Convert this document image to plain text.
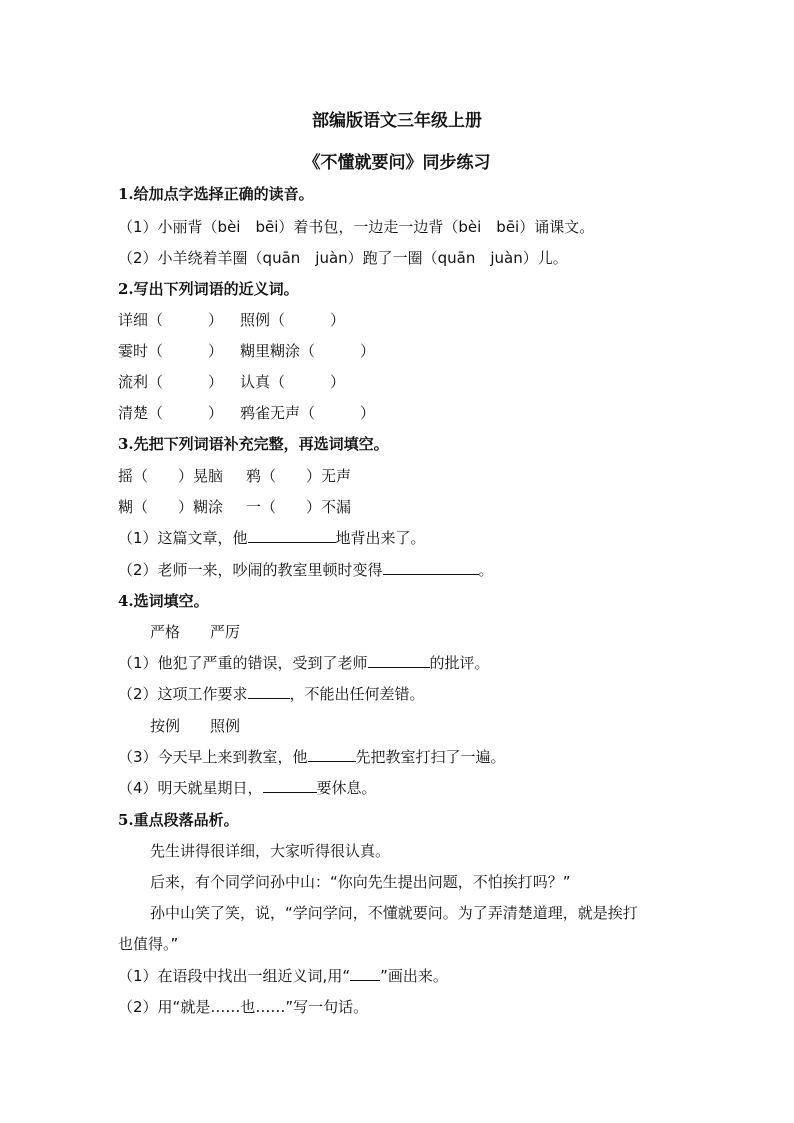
部编版语文三年级上册
《不懂就要问》同步练习
1.给加点字选择正确的读音。
（1）小丽背（bèi　bēi）着书包，一边走一边背（bèi　bēi）诵课文。
（2）小羊绕着羊圈（quān　juàn）跑了一圈（quān　juàn）儿。
2.写出下列词语的近义词。
详细（　　　） 照例（　　　）
霎时（　　　） 糊里糊涂（　　　）
流利（　　　） 认真（　　　）
清楚（　　　） 鸦雀无声（　　　）
3.先把下列词语补充完整，再选词填空。
摇（　　）晃脑 鸦（　　）无声
糊（　　）糊涂 一（　　）不漏
（1）这篇文章，他	地背出来了。
（2）老师一来，吵闹的教室里顿时变得	。
4.选词填空。
严格　　严厉
（1）他犯了严重的错误，受到了老师	的批评。
（2）这项工作要求	，不能出任何差错。
按例　　照例
（3）今天早上来到教室，他	先把教室打扫了一遍。
（4）明天就星期日，	要休息。
5.重点段落品析。
先生讲得很详细，大家听得很认真。
后来，有个同学问孙中山：“你向先生提出问题，不怕挨打吗？”
孙中山笑了笑，说，“学问学问，不懂就要问。为了弄清楚道理，就是挨打
也值得。”
（1）在语段中找出一组近义词,用“ ”画出来。
（2）用“就是……也……”写一句话。
